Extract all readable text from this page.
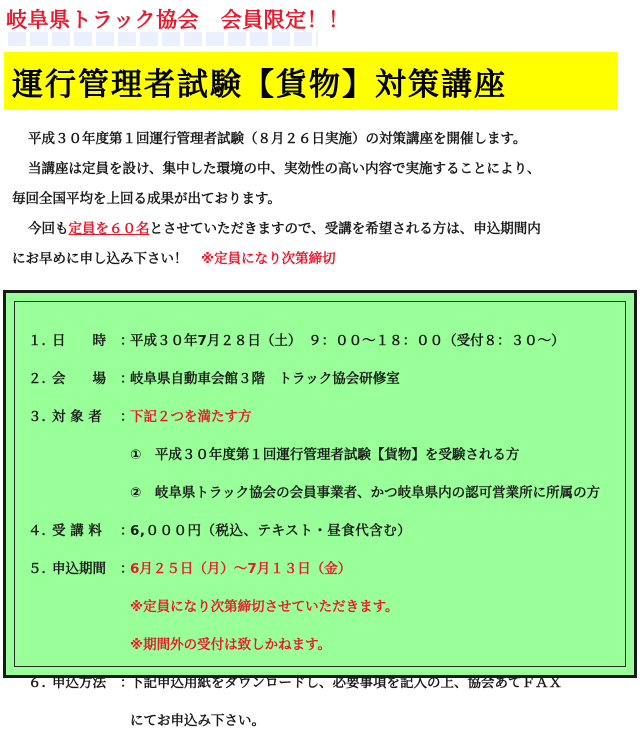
岐阜県トラック協会　会員限定！！
運行管理者試験【貨物】対策講座

平成３０年度第１回運行管理者試験（８月２６日実施）の対策講座を開催します。

当講座は定員を設け、集中した環境の中、実効性の高い内容で実施することにより、

毎回全国平均を上回る成果が出ております。

今回も定員を６０名とさせていただきますので、受講を希望される方は、申込期間内

にお早めに申し込み下さい！　※定員になり次第締切

１．
日　　時	：
平成３０年7月２８日（土）　９：００～１８：００（受付８：３０～）
２．
会　　場	：
岐阜県自動車会館３階　トラック協会研修室
３．
対 象 者	：
下記２つを満たす方
①　平成３０年度第１回運行管理者試験【貨物】を受験される方
②　岐阜県トラック協会の会員事業者、かつ岐阜県内の認可営業所に所属の方
４．
受 講 料	：
6,０００円（税込、テキスト・昼食代含む）
５．
申込期間	：
6月２５日（月）～7月１３日（金）
※定員になり次第締切させていただきます。
※期間外の受付は致しかねます。
６．
申込方法	：
下記申込用紙をダウンロードし、必要事項を記入の上、協会あてＦＡＸ
にてお申込み下さい。
